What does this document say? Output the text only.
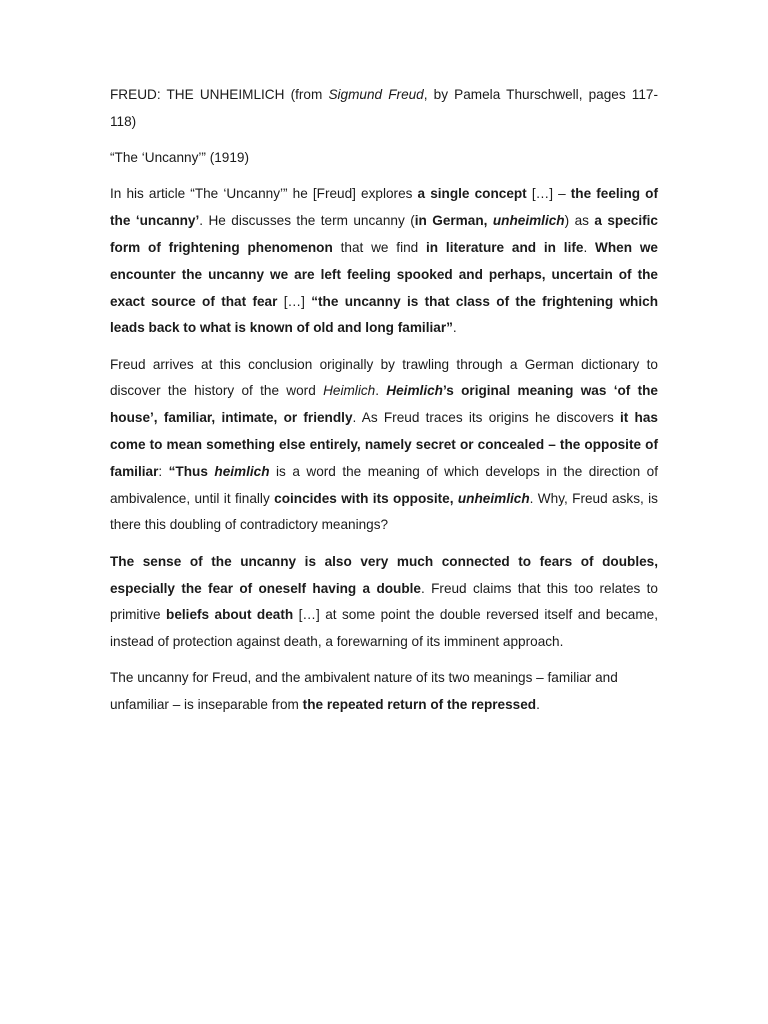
FREUD: THE UNHEIMLICH (from Sigmund Freud, by Pamela Thurschwell, pages 117-118)

“The ‘Uncanny’” (1919)

In his article “The ‘Uncanny’” he [Freud] explores a single concept […] – the feeling of the ‘uncanny’. He discusses the term uncanny (in German, unheimlich) as a specific form of frightening phenomenon that we find in literature and in life. When we encounter the uncanny we are left feeling spooked and perhaps, uncertain of the exact source of that fear […] “the uncanny is that class of the frightening which leads back to what is known of old and long familiar”.

Freud arrives at this conclusion originally by trawling through a German dictionary to discover the history of the word Heimlich. Heimlich’s original meaning was ‘of the house’, familiar, intimate, or friendly. As Freud traces its origins he discovers it has come to mean something else entirely, namely secret or concealed – the opposite of familiar: “Thus heimlich is a word the meaning of which develops in the direction of ambivalence, until it finally coincides with its opposite, unheimlich. Why, Freud asks, is there this doubling of contradictory meanings?

The sense of the uncanny is also very much connected to fears of doubles, especially the fear of oneself having a double. Freud claims that this too relates to primitive beliefs about death […] at some point the double reversed itself and became, instead of protection against death, a forewarning of its imminent approach.

The uncanny for Freud, and the ambivalent nature of its two meanings – familiar and unfamiliar – is inseparable from the repeated return of the repressed.
